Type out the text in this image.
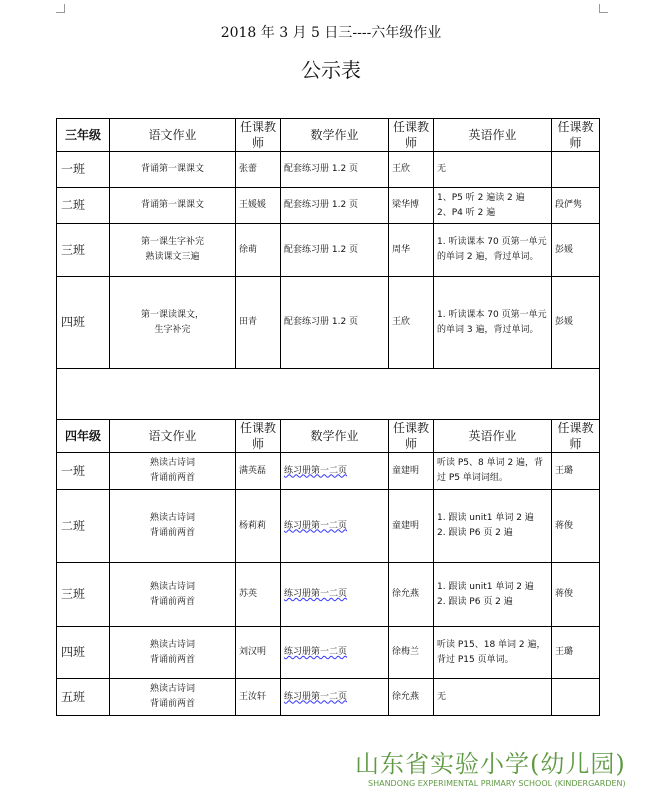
2018 年 3 月 5 日三----六年级作业
公示表
三年级	语文作业	任课教师	数学作业	任课教师	英语作业	任课教师
一班	背诵第一课课文	张蕾	配套练习册 1.2 页	王欣	无	
二班	背诵第一课课文	王媛媛	配套练习册 1.2 页	梁华博	1、P5 听 2 遍读 2 遍
2、P4 听 2 遍	段俨隽
三班	第一课生字补完
熟读课文三遍	徐萌	配套练习册 1.2 页	周华	1. 听读课本 70 页第一单元的单词 2 遍，背过单词。	彭媛
四班	第一课读课文，
生字补完	田青	配套练习册 1.2 页	王欣	1. 听读课本 70 页第一单元的单词 3 遍，背过单词。	彭媛

四年级	语文作业	任课教师	数学作业	任课教师	英语作业	任课教师
一班	熟读古诗词
背诵前两首	满英磊	练习册第一二页	童建明	听读 P5、8 单词 2 遍，背过 P5 单词词组。	王璐
二班	熟读古诗词
背诵前两首	杨莉莉	练习册第一二页	童建明	1. 跟读 unit1 单词 2 遍
2. 跟读 P6 页 2 遍	蒋俊
三班	熟读古诗词
背诵前两首	苏英	练习册第一二页	徐允燕	1. 跟读 unit1 单词 2 遍
2. 跟读 P6 页 2 遍	蒋俊
四班	熟读古诗词
背诵前两首	刘汉明	练习册第一二页	徐梅兰	听读 P15、18 单词 2 遍，背过 P15 页单词。	王璐
五班	熟读古诗词
背诵前两首	王汝轩	练习册第一二页	徐允燕	无	
山东省实验小学(幼儿园)
SHANDONG EXPERIMENTAL PRIMARY SCHOOL (KINDERGARDEN)
